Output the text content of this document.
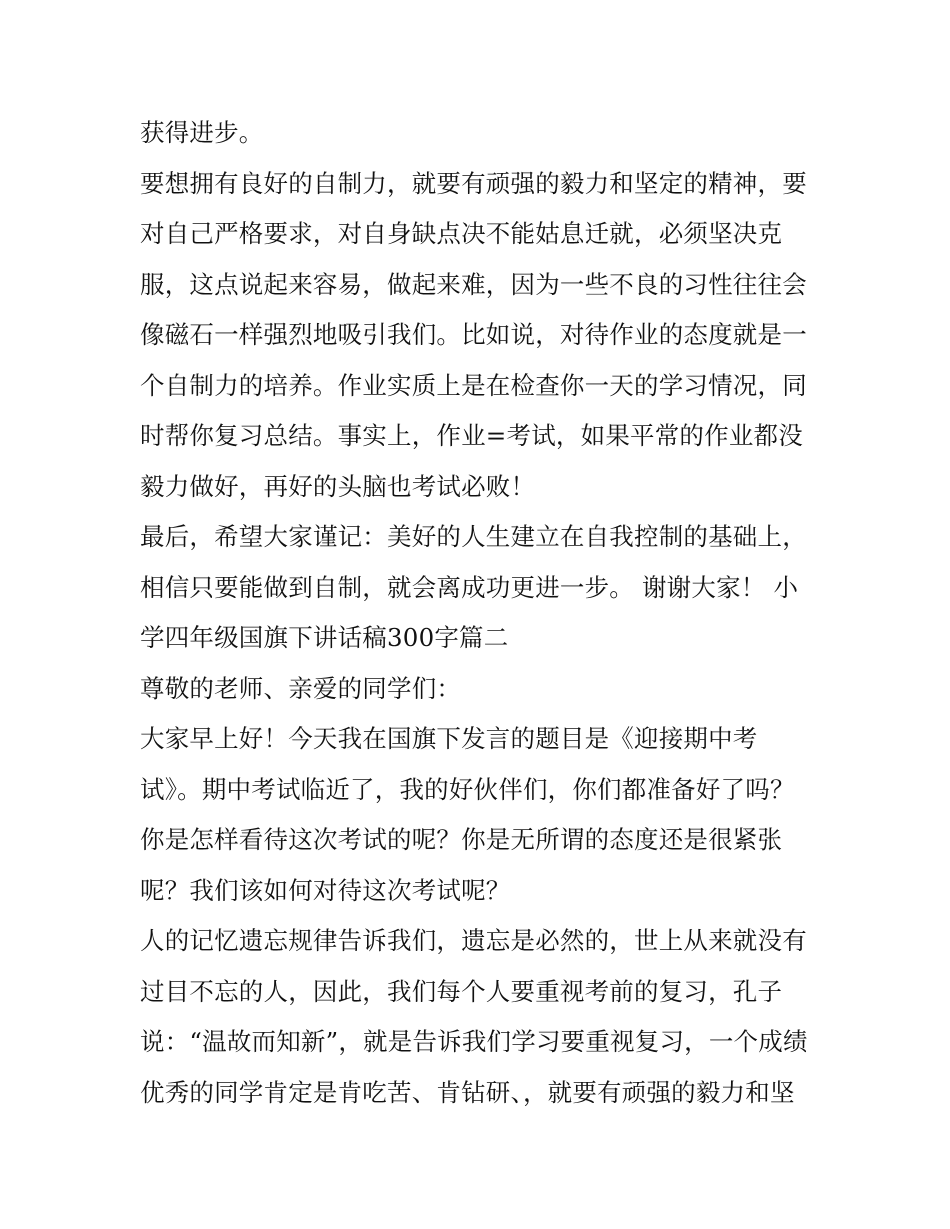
获得进步。
要想拥有良好的自制力，就要有顽强的毅力和坚定的精神，要
对自己严格要求，对自身缺点决不能姑息迁就，必须坚决克
服，这点说起来容易，做起来难，因为一些不良的习性往往会
像磁石一样强烈地吸引我们。比如说，对待作业的态度就是一
个自制力的培养。作业实质上是在检查你一天的学习情况，同
时帮你复习总结。事实上，作业=考试，如果平常的作业都没
毅力做好，再好的头脑也考试必败！
最后，希望大家谨记：美好的人生建立在自我控制的基础上，
相信只要能做到自制，就会离成功更进一步。 谢谢大家！ 小
学四年级国旗下讲话稿300字篇二
尊敬的老师、亲爱的同学们：
大家早上好！今天我在国旗下发言的题目是《迎接期中考
试》。期中考试临近了，我的好伙伴们，你们都准备好了吗？
你是怎样看待这次考试的呢？你是无所谓的态度还是很紧张
呢？我们该如何对待这次考试呢？
人的记忆遗忘规律告诉我们，遗忘是必然的，世上从来就没有
过目不忘的人，因此，我们每个人要重视考前的复习，孔子
说：“温故而知新”，就是告诉我们学习要重视复习，一个成绩
优秀的同学肯定是肯吃苦、肯钻研、，就要有顽强的毅力和坚
